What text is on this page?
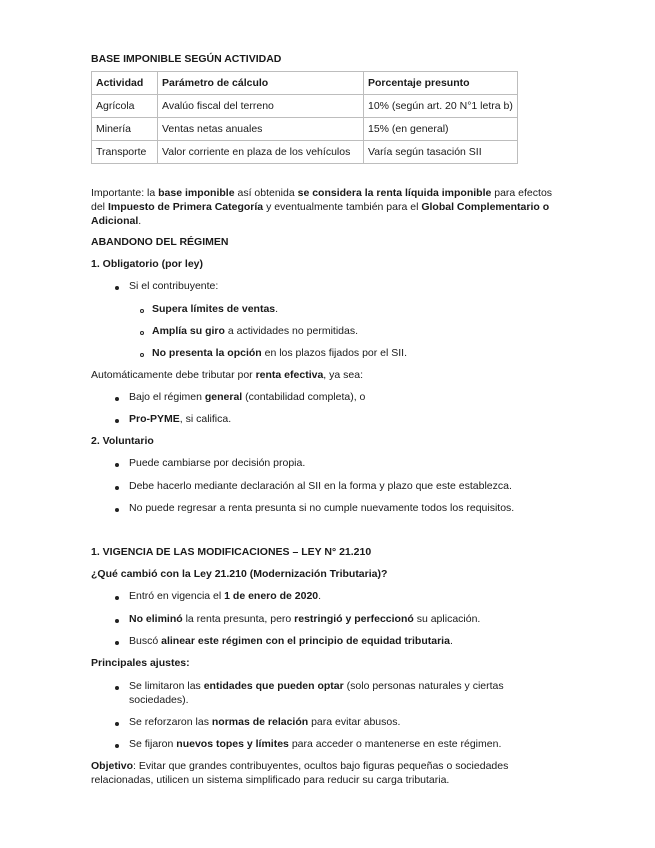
BASE IMPONIBLE SEGÚN ACTIVIDAD
Actividad	Parámetro de cálculo	Porcentaje presunto
Agrícola	Avalúo fiscal del terreno	10% (según art. 20 N°1 letra b)
Minería	Ventas netas anuales	15% (en general)
Transporte	Valor corriente en plaza de los vehículos	Varía según tasación SII
Importante: la base imponible así obtenida se considera la renta líquida imponible para efectos
del Impuesto de Primera Categoría y eventualmente también para el Global Complementario o
Adicional.
ABANDONO DEL RÉGIMEN
1. Obligatorio (por ley)
Si el contribuyente:
Supera límites de ventas.
Amplía su giro a actividades no permitidas.
No presenta la opción en los plazos fijados por el SII.
Automáticamente debe tributar por renta efectiva, ya sea:
Bajo el régimen general (contabilidad completa), o
Pro-PYME, si califica.
2. Voluntario
Puede cambiarse por decisión propia.
Debe hacerlo mediante declaración al SII en la forma y plazo que este establezca.
No puede regresar a renta presunta si no cumple nuevamente todos los requisitos.
1. VIGENCIA DE LAS MODIFICACIONES – LEY N° 21.210
¿Qué cambió con la Ley 21.210 (Modernización Tributaria)?
Entró en vigencia el 1 de enero de 2020.
No eliminó la renta presunta, pero restringió y perfeccionó su aplicación.
Buscó alinear este régimen con el principio de equidad tributaria.
Principales ajustes:
Se limitaron las entidades que pueden optar (solo personas naturales y ciertas
sociedades).
Se reforzaron las normas de relación para evitar abusos.
Se fijaron nuevos topes y límites para acceder o mantenerse en este régimen.
Objetivo: Evitar que grandes contribuyentes, ocultos bajo figuras pequeñas o sociedades
relacionadas, utilicen un sistema simplificado para reducir su carga tributaria.
